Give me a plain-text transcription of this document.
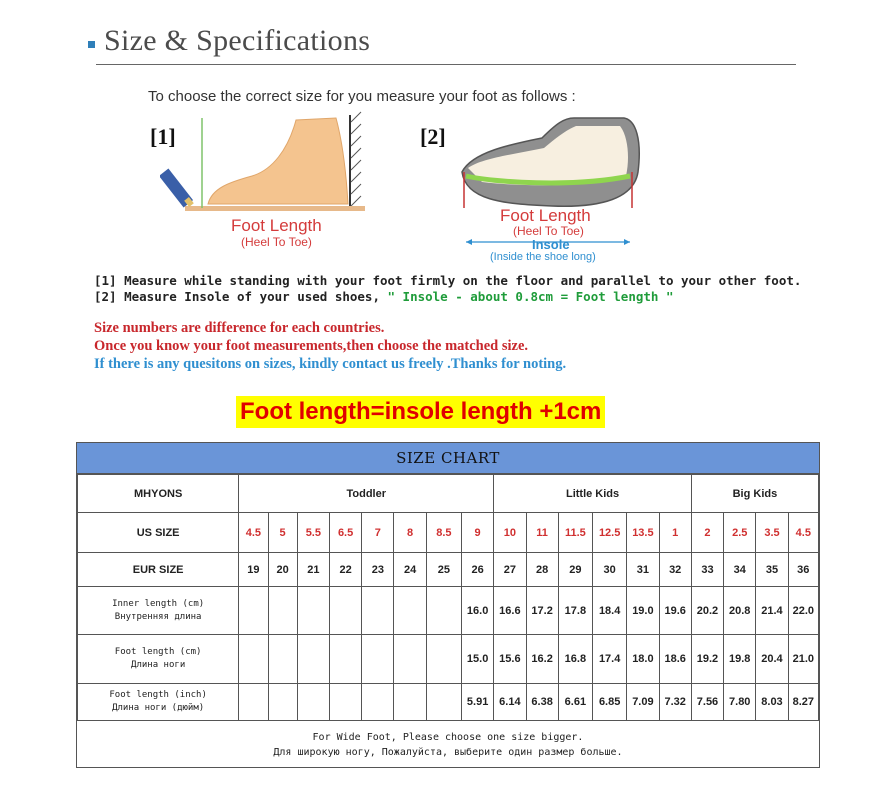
Size & Specifications
To choose the correct size for you measure your foot as follows :
[1]
Foot Length
(Heel To Toe)
[2]
Foot Length
(Heel To Toe)
Insole
(Inside the shoe long)
[1] Measure while standing with your foot firmly on the floor and parallel to your other foot.
[2] Measure Insole of your used shoes, " Insole - about 0.8cm = Foot length "
Size numbers are difference for each countries.
Once you know your foot measurements,then choose the matched size.
If there is any quesitons on sizes, kindly contact us freely .Thanks for noting.
Foot length=insole length +1cm
SIZE CHART
MHYONS	Toddler								Little Kids						Big Kids			
US SIZE	4.5	5	5.5	6.5	7	8	8.5	9	10	11	11.5	12.5	13.5	1	2	2.5	3.5	4.5
EUR SIZE	19	20	21	22	23	24	25	26	27	28	29	30	31	32	33	34	35	36
Inner length (cm)
Внутренняя длина								16.0	16.6	17.2	17.8	18.4	19.0	19.6	20.2	20.8	21.4	22.0
Foot length (cm)
Длина ноги								15.0	15.6	16.2	16.8	17.4	18.0	18.6	19.2	19.8	20.4	21.0
Foot length (inch)
Длина ноги (дюйм)								5.91	6.14	6.38	6.61	6.85	7.09	7.32	7.56	7.80	8.03	8.27
For Wide Foot, Please choose one size bigger.
Для широкую ногу, Пожалуйста, выберите один размер больше.
